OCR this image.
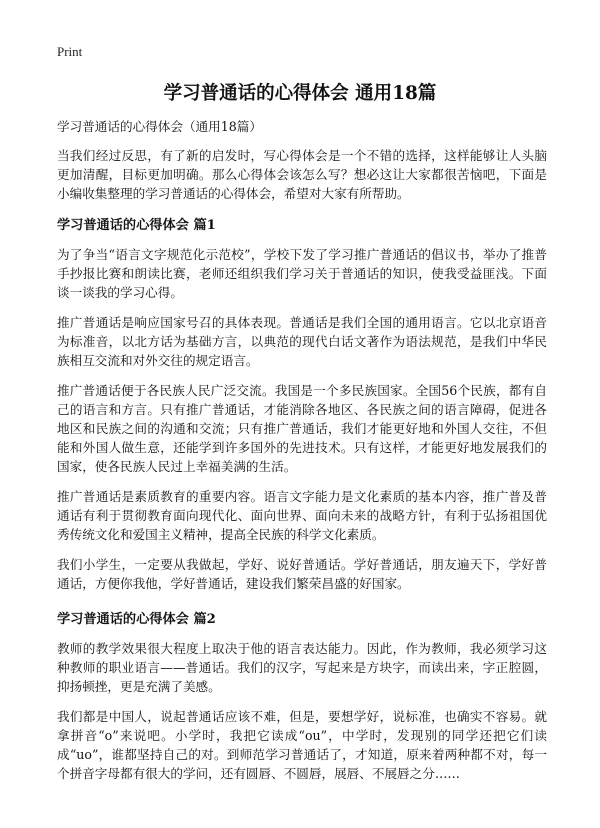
Print
学习普通话的心得体会 通用18篇

学习普通话的心得体会（通用18篇）

当我们经过反思，有了新的启发时，写心得体会是一个不错的选择，这样能够让人头脑更加清醒，目标更加明确。那么心得体会该怎么写？想必这让大家都很苦恼吧，下面是小编收集整理的学习普通话的心得体会，希望对大家有所帮助。

学习普通话的心得体会 篇1

为了争当“语言文字规范化示范校”，学校下发了学习推广普通话的倡议书，举办了推普手抄报比赛和朗读比赛，老师还组织我们学习关于普通话的知识，使我受益匪浅。下面谈一谈我的学习心得。

推广普通话是响应国家号召的具体表现。普通话是我们全国的通用语言。它以北京语音为标准音，以北方话为基础方言，以典范的现代白话文著作为语法规范，是我们中华民族相互交流和对外交往的规定语言。

推广普通话便于各民族人民广泛交流。我国是一个多民族国家。全国56个民族，都有自己的语言和方言。只有推广普通话，才能消除各地区、各民族之间的语言障碍，促进各地区和民族之间的沟通和交流；只有推广普通话，我们才能更好地和外国人交往，不但能和外国人做生意，还能学到许多国外的先进技术。只有这样，才能更好地发展我们的国家，使各民族人民过上幸福美满的生活。

推广普通话是素质教育的重要内容。语言文字能力是文化素质的基本内容，推广普及普通话有利于贯彻教育面向现代化、面向世界、面向未来的战略方针，有利于弘扬祖国优秀传统文化和爱国主义精神，提高全民族的科学文化素质。

我们小学生，一定要从我做起，学好、说好普通话。学好普通话，朋友遍天下，学好普通话，方便你我他，学好普通话，建设我们繁荣昌盛的好国家。

学习普通话的心得体会 篇2

教师的教学效果很大程度上取决于他的语言表达能力。因此，作为教师，我必须学习这种教师的职业语言——普通话。我们的汉字，写起来是方块字，而读出来，字正腔圆，抑扬顿挫，更是充满了美感。

我们都是中国人，说起普通话应该不难，但是，要想学好，说标准，也确实不容易。就拿拼音“o”来说吧。小学时，我把它读成“ou”，中学时，发现别的同学还把它们读成“uo”，谁都坚持自己的对。到师范学习普通话了，才知道，原来着两种都不对，每一个拼音字母都有很大的学问，还有圆唇、不圆唇，展唇、不展唇之分……
